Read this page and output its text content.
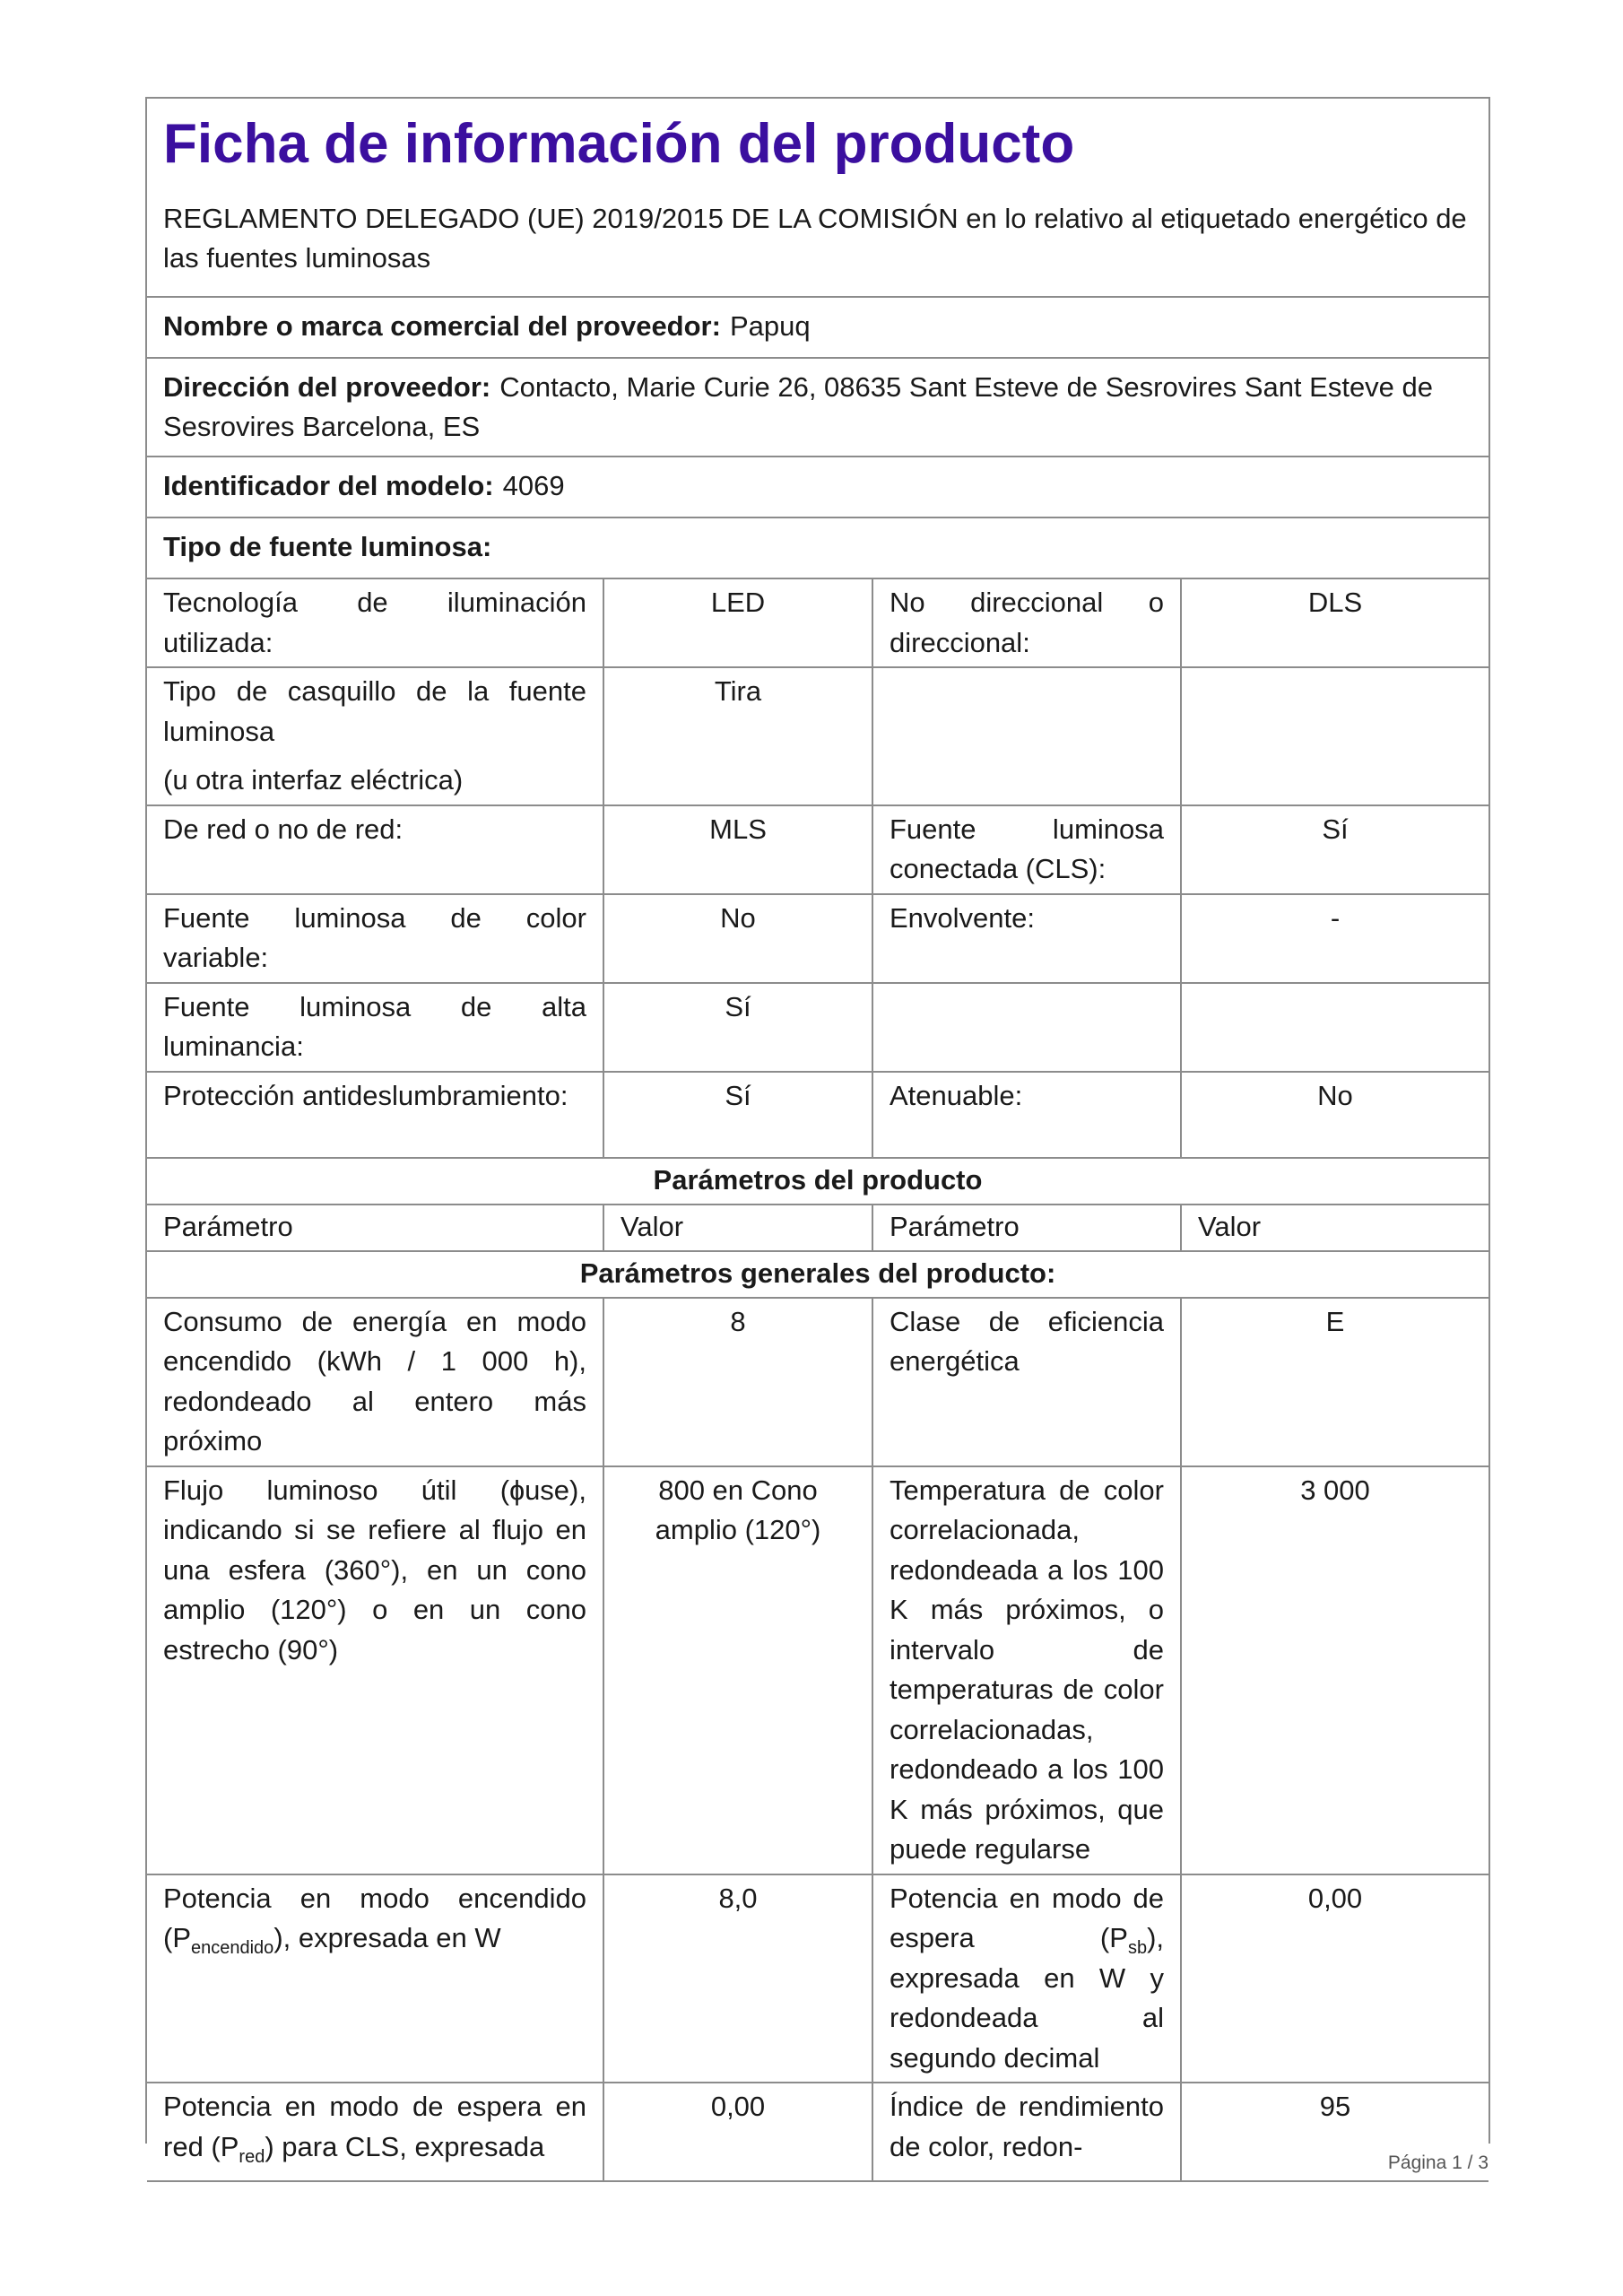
Ficha de información del producto
REGLAMENTO DELEGADO (UE) 2019/2015 DE LA COMISIÓN en lo relativo al etiquetado energético de las fuentes luminosas
Nombre o marca comercial del proveedor: Papuq
Dirección del proveedor: Contacto, Marie Curie 26, 08635 Sant Esteve de Sesrovires Sant Esteve de Sesrovires Barcelona, ES
Identificador del modelo: 4069
Tipo de fuente luminosa:
Tecnología de iluminación utilizada:	LED	No direccional o direccional:	DLS

Tipo de casquillo de la fuente luminosa
(u otra interfaz eléctrica)	Tira		
De red o no de red:	MLS	Fuente luminosa conectada (CLS):	Sí
Fuente luminosa de color variable:	No	Envolvente:	-
Fuente luminosa de alta luminancia:	Sí		
Protección antideslumbramiento:	Sí	Atenuable:	No
Parámetros del producto			
Parámetro	Valor	Parámetro	Valor
Parámetros generales del producto:			
Consumo de energía en modo encendido (kWh / 1 000 h), redondeado al entero más próximo	8	Clase de eficiencia energética	E
Flujo luminoso útil (ɸuse), indicando si se refiere al flujo en una esfera (360°), en un cono amplio (120°) o en un cono estrecho (90°)	800 en Cono amplio (120°)	Temperatura de color correlacionada, redondeada a los 100 K más próximos, o intervalo de temperaturas de color correlacionadas, redondeado a los 100 K más próximos, que puede regularse	3 000
Potencia en modo encendido $(P_{encendido})$, expresada en W	8,0	Potencia en modo de espera $(P_{sb})$, expresada en W y redondeada al segundo decimal	0,00
Potencia en modo de espera en red $(P_{red})$ para CLS, expresada	0,00	Índice de rendimiento de color, redon-	95
Página 1 / 3
